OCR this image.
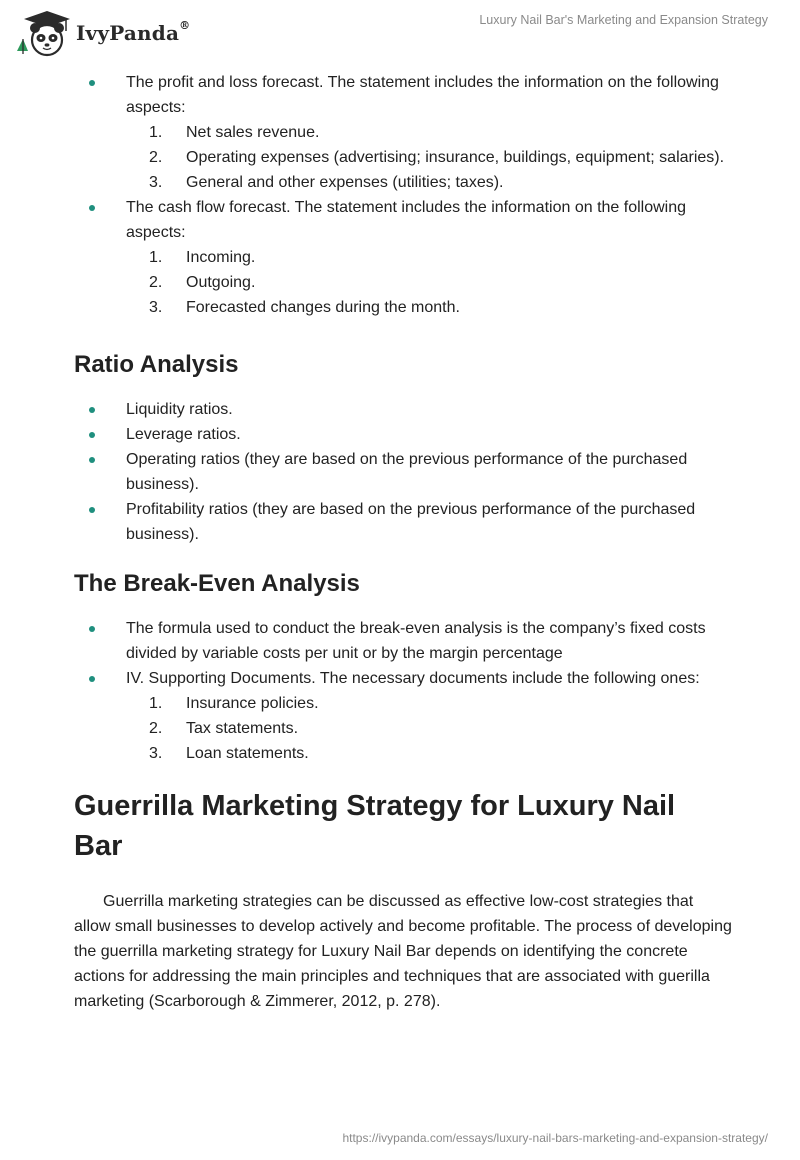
IvyPanda®	Luxury Nail Bar's Marketing and Expansion Strategy
The profit and loss forecast. The statement includes the information on the following aspects:
1. Net sales revenue.
2. Operating expenses (advertising; insurance, buildings, equipment; salaries).
3. General and other expenses (utilities; taxes).
The cash flow forecast. The statement includes the information on the following aspects:
1. Incoming.
2. Outgoing.
3. Forecasted changes during the month.
Ratio Analysis
Liquidity ratios.
Leverage ratios.
Operating ratios (they are based on the previous performance of the purchased business).
Profitability ratios (they are based on the previous performance of the purchased business).
The Break-Even Analysis
The formula used to conduct the break-even analysis is the company’s fixed costs divided by variable costs per unit or by the margin percentage
IV. Supporting Documents. The necessary documents include the following ones:
1. Insurance policies.
2. Tax statements.
3. Loan statements.
Guerrilla Marketing Strategy for Luxury Nail Bar

Guerrilla marketing strategies can be discussed as effective low-cost strategies that allow small businesses to develop actively and become profitable. The process of developing the guerrilla marketing strategy for Luxury Nail Bar depends on identifying the concrete actions for addressing the main principles and techniques that are associated with guerilla marketing (Scarborough & Zimmerer, 2012, p. 278).

https://ivypanda.com/essays/luxury-nail-bars-marketing-and-expansion-strategy/
